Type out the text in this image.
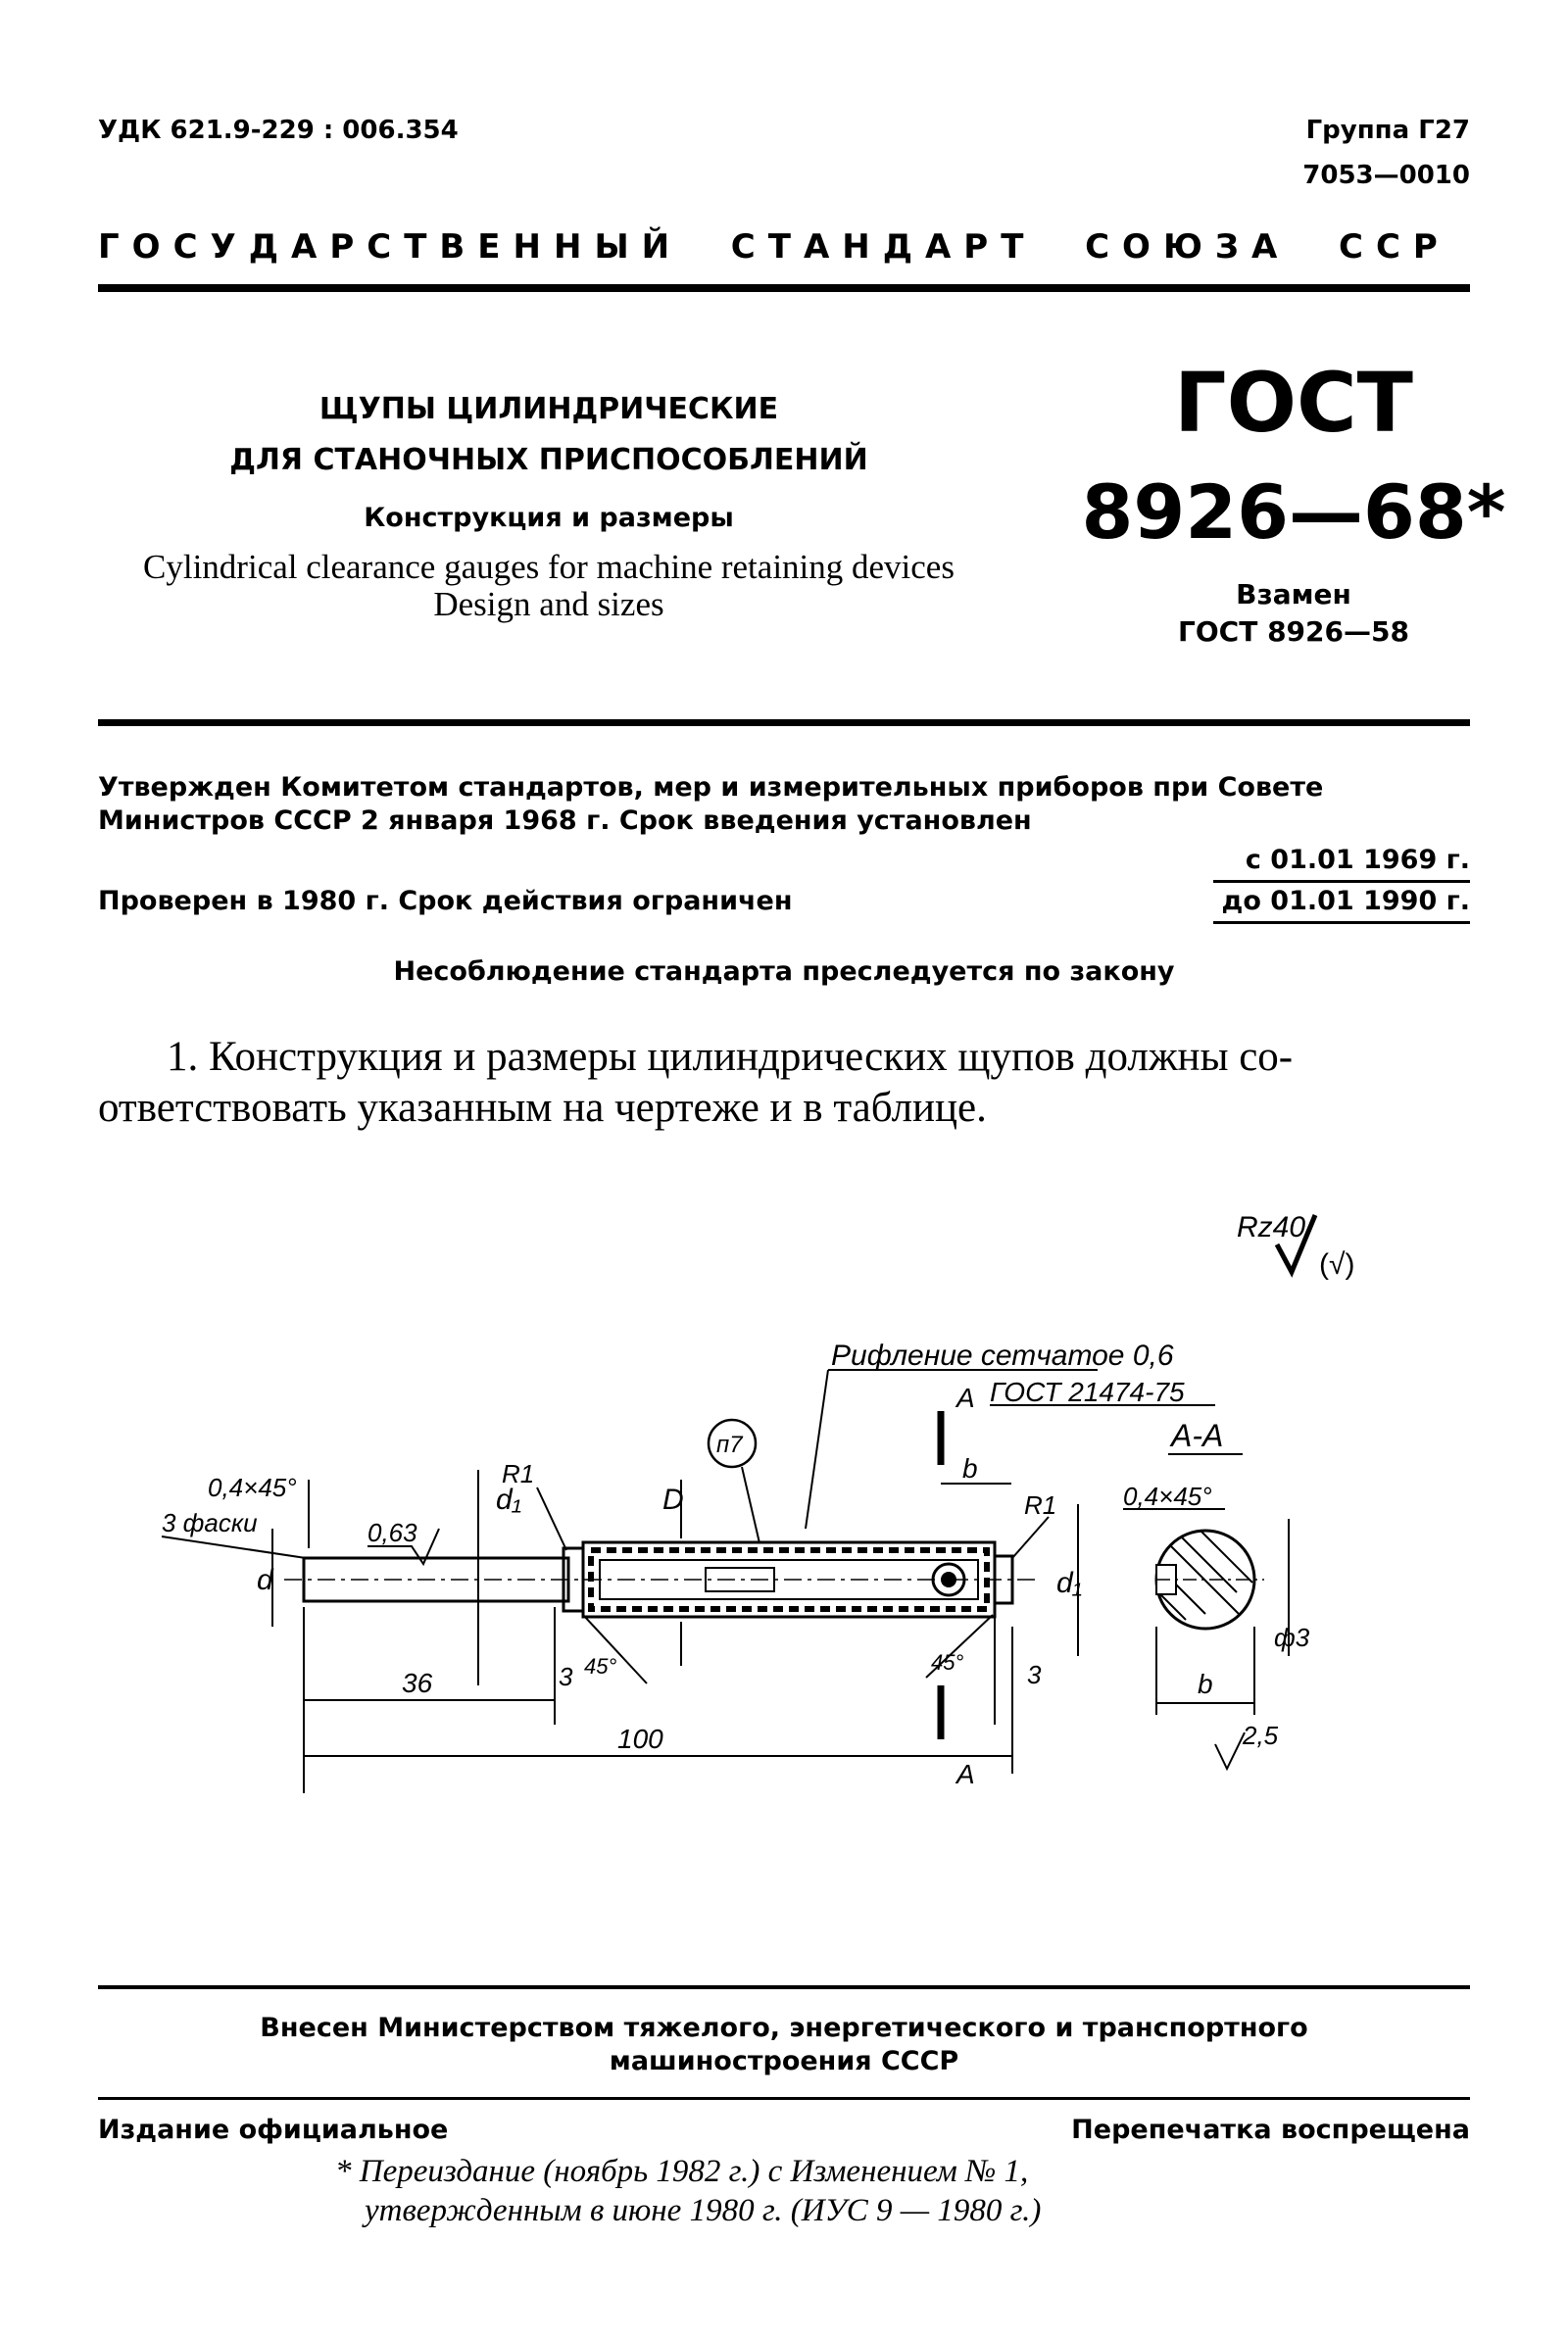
УДК 621.9-229 : 006.354	Группа Г27
7053—0010
ГОСУДАРСТВЕННЫЙ  СТАНДАРТ  СОЮЗА  ССР
ЩУПЫ ЦИЛИНДРИЧЕСКИЕ
ДЛЯ СТАНОЧНЫХ ПРИСПОСОБЛЕНИЙ
Конструкция и размеры
Cylindrical clearance gauges for machine retaining devices
Design and sizes
ГОСТ
8926—68*
Взамен
ГОСТ 8926—58
Утвержден Комитетом стандартов, мер и измерительных приборов при Совете
Министров СССР 2 января 1968 г. Срок введения установлен
с 01.01 1969 г.
Проверен в 1980 г. Срок действия ограничен	до 01.01 1990 г.
Несоблюдение стандарта преследуется по закону
1. Конструкция и размеры цилиндрических щупов должны со-
ответствовать указанным на чертеже и в таблице.
Rz40
(√)
Рифление сетчатое 0,6
ГОСТ 21474-75
п7
A
A
0,4×45°
3 фаски	0,63
d
d₁
R1
D
b
R1
d₁
3 45°	45° 3
36
100
A-A
0,4×45°
b
ф3
2,5
Внесен Министерством тяжелого, энергетического и транспортного
машиностроения СССР
Издание официальное	Перепечатка воспрещена
* Переиздание (ноябрь 1982 г.) с Изменением № 1,
утвержденным в июне 1980 г. (ИУС 9 — 1980 г.)
